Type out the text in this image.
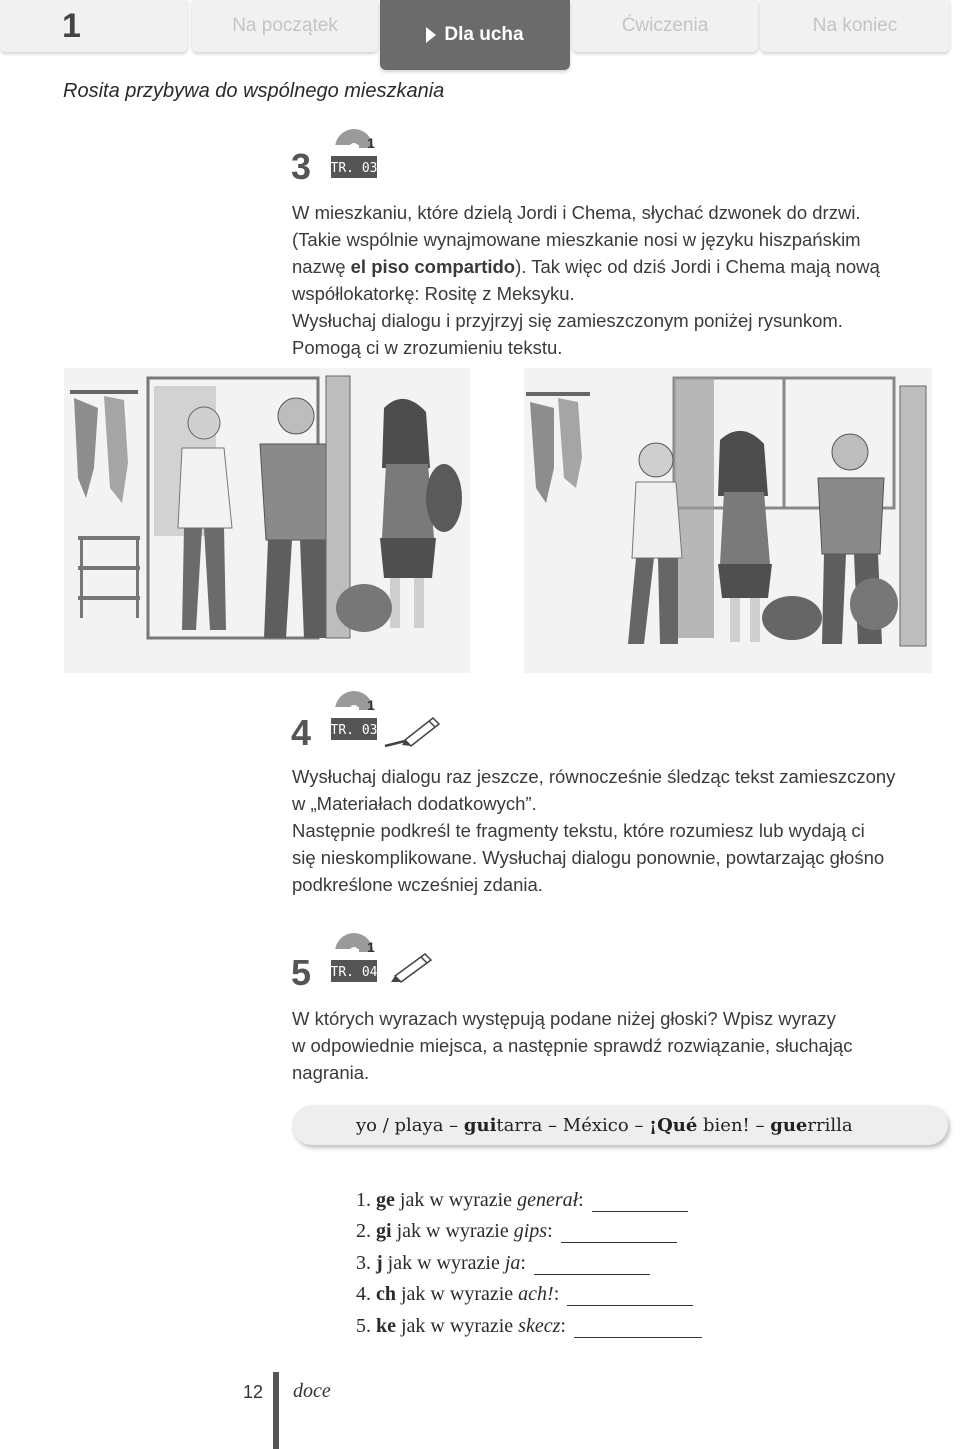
1	Na początek	Dla ucha	Ćwiczenia	Na koniec
Rosita przybywa do wspólnego mieszkania
3
1
TR. 03

W mieszkaniu, które dzielą Jordi i Chema, słychać dzwonek do drzwi.

(Takie wspólnie wynajmowane mieszkanie nosi w języku hiszpańskim

nazwę el piso compartido). Tak więc od dziś Jordi i Chema mają nową

współlokatorkę: Rositę z Meksyku.

Wysłuchaj dialogu i przyjrzyj się zamieszczonym poniżej rysunkom.

Pomogą ci w zrozumieniu tekstu.

4
1
TR. 03

Wysłuchaj dialogu raz jeszcze, równocześnie śledząc tekst zamieszczony

w „Materiałach dodatkowych”.

Następnie podkreśl te fragmenty tekstu, które rozumiesz lub wydają ci

się nieskomplikowane. Wysłuchaj dialogu ponownie, powtarzając głośno

podkreślone wcześniej zdania.

5
1
TR. 04

W których wyrazach występują podane niżej głoski? Wpisz wyrazy

w odpowiednie miejsca, a następnie sprawdź rozwiązanie, słuchając

nagrania.

yo / playa – gui tarra – Mé x ico – ¡Qué bien! – gue rrilla
1. ge jak w wyrazie generał :
2. gi jak w wyrazie gips :
3. j jak w wyrazie ja :
4. ch jak w wyrazie ach! :
5. ke jak w wyrazie skecz :
12 doce
